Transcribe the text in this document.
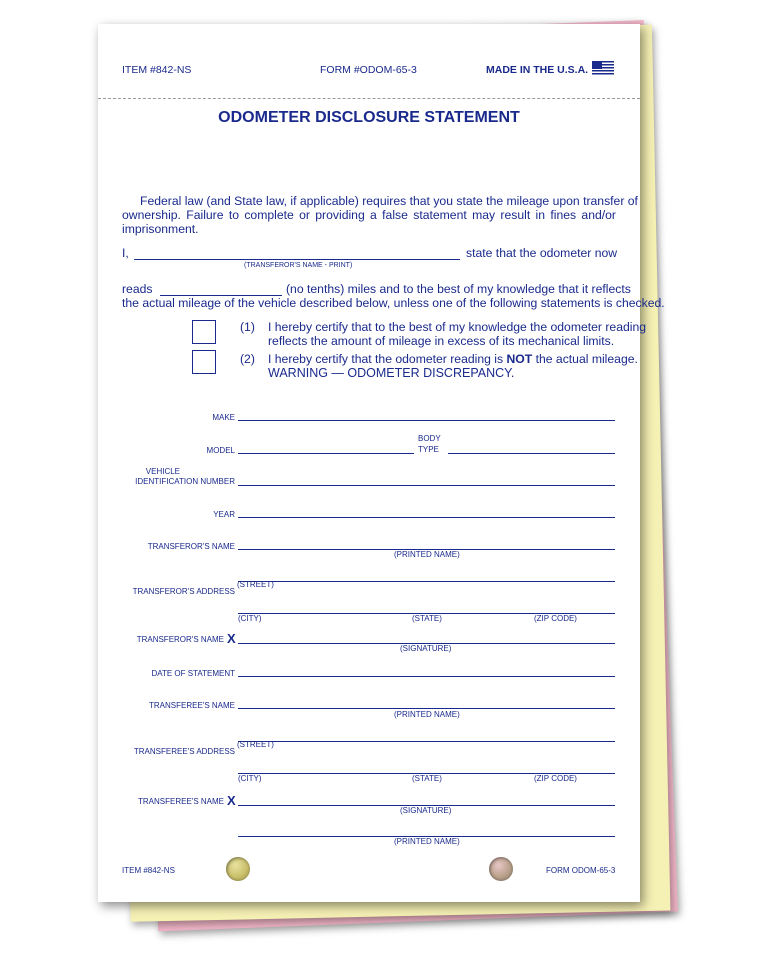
ITEM #842-NS	FORM #ODOM-65-3	MADE IN THE U.S.A.
ODOMETER DISCLOSURE STATEMENT
Federal law (and State law, if applicable) requires that you state the mileage upon transfer of
ownership. Failure to complete or providing a false statement may result in fines and/or
imprisonment.
I,	state that the odometer now
(TRANSFEROR'S NAME - PRINT)
reads	(no tenths) miles and to the best of my knowledge that it reflects
the actual mileage of the vehicle described below, unless one of the following statements is checked.
(1) I hereby certify that to the best of my knowledge the odometer reading
reflects the amount of mileage in excess of its mechanical limits.
(2) I hereby certify that the odometer reading is NOT the actual mileage.
WARNING — ODOMETER DISCREPANCY.
MAKE
MODEL
BODY
TYPE
VEHICLE
IDENTIFICATION NUMBER
YEAR
TRANSFEROR'S NAME
(PRINTED NAME)
(STREET)
TRANSFEROR'S ADDRESS
(CITY)	(STATE)	(ZIP CODE)
TRANSFEROR'S NAME X
(SIGNATURE)
DATE OF STATEMENT
TRANSFEREE'S NAME
(PRINTED NAME)
(STREET)
TRANSFEREE'S ADDRESS
(CITY)	(STATE)	(ZIP CODE)
TRANSFEREE'S NAME X
(SIGNATURE)
(PRINTED NAME)
ITEM #842-NS	FORM ODOM-65-3
